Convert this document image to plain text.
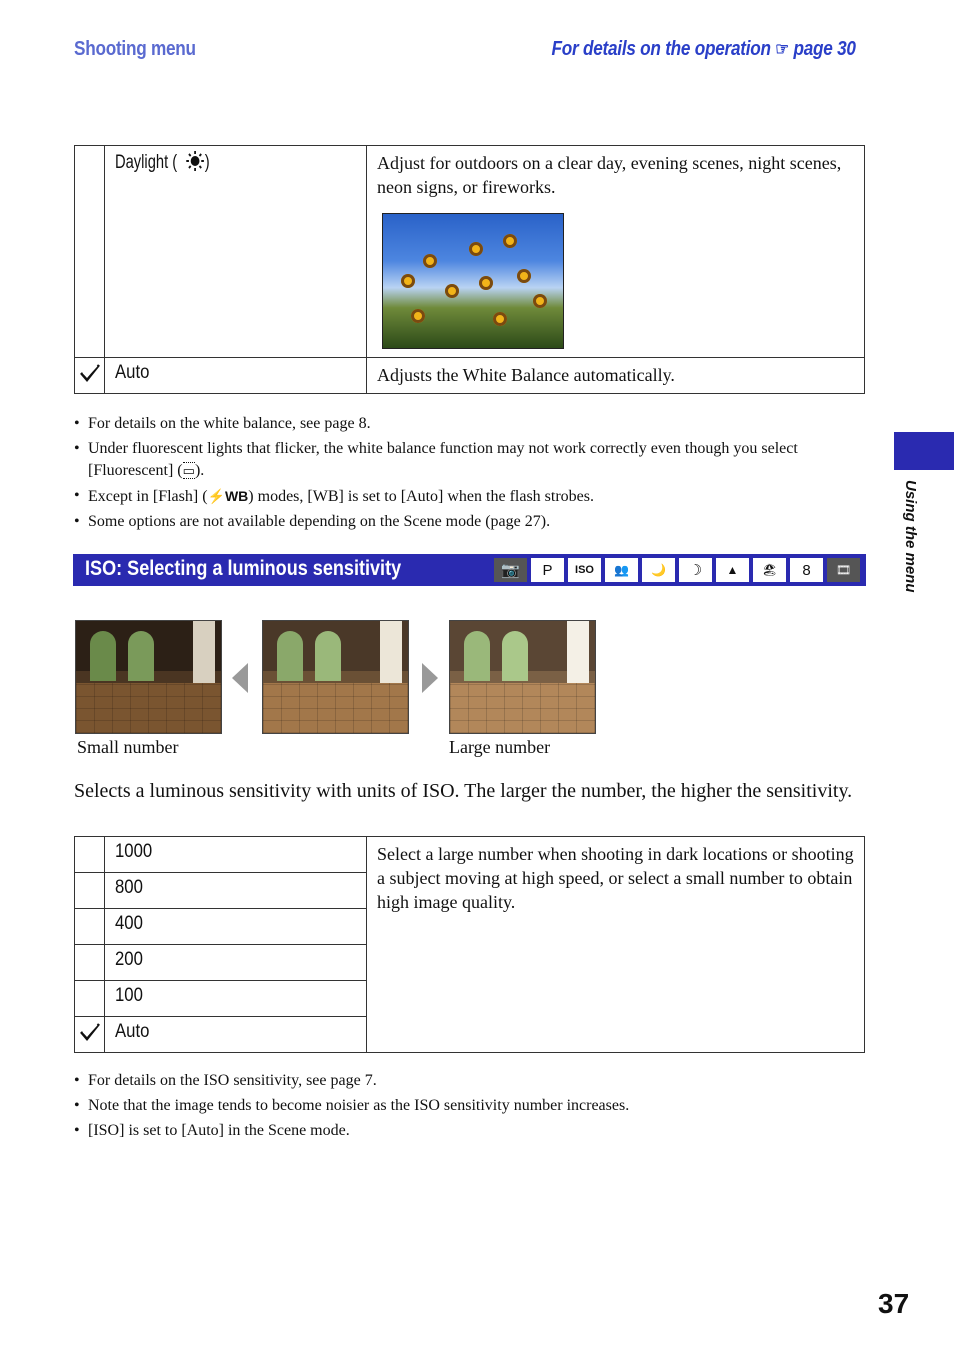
Shooting menu	For details on the operation ☞ page 30
Using the menu
	Daylight ( )	Adjust for outdoors on a clear day, evening scenes, night scenes, neon signs, or fireworks.

	Auto	Adjusts the White Balance automatically.
• For details on the white balance, see page 8.
• Under fluorescent lights that flicker, the white balance function may not work correctly even though you select [Fluorescent] (▭).
• Except in [Flash] (⚡WB) modes, [WB] is set to [Auto] when the flash strobes.
• Some options are not available depending on the Scene mode (page 27).
ISO: Selecting a luminous sensitivity	📷	P	ISO	👥	🌙	☽	▲	🏖	8	🎞
Small number	Large number
Selects a luminous sensitivity with units of ISO. The larger the number, the higher the sensitivity.
	1000	Select a large number when shooting in dark locations or shooting a subject moving at high speed, or select a small number to obtain high image quality.
	800	
	400	
	200	
	100	
	Auto	
• For details on the ISO sensitivity, see page 7.
• Note that the image tends to become noisier as the ISO sensitivity number increases.
• [ISO] is set to [Auto] in the Scene mode.
37
